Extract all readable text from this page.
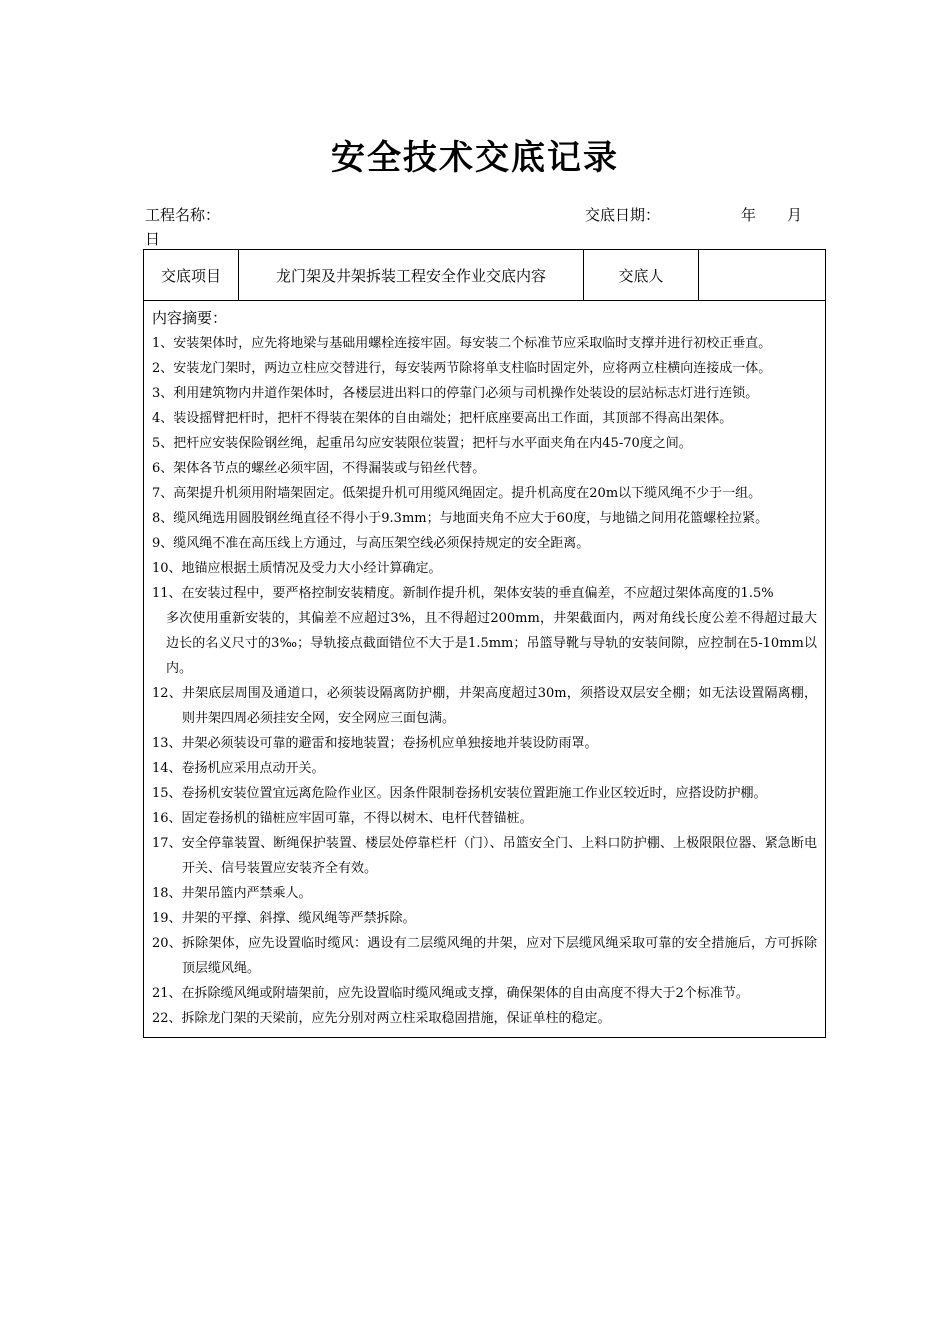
安全技术交底记录
工程名称：	交底日期：	年 月
日
交底项目	龙门架及井架拆装工程安全作业交底内容	交底人	

内容摘要：
1、安装架体时，应先将地梁与基础用螺栓连接牢固。每安装二个标准节应采取临时支撑并进行初校正垂直。
2、安装龙门架时，两边立柱应交替进行，每安装两节除将单支柱临时固定外，应将两立柱横向连接成一体。
3、利用建筑物内井道作架体时，各楼层进出料口的停靠门必须与司机操作处装设的层站标志灯进行连锁。
4、装设摇臂把杆时，把杆不得装在架体的自由端处；把杆底座要高出工作面，其顶部不得高出架体。
5、把杆应安装保险钢丝绳，起重吊勾应安装限位装置；把杆与水平面夹角在内45-70度之间。
6、架体各节点的螺丝必须牢固，不得漏装或与铅丝代替。
7、高架提升机须用附墙架固定。低架提升机可用缆风绳固定。提升机高度在20m以下缆风绳不少于一组。
8、缆风绳选用圆股钢丝绳直径不得小于9.3mm；与地面夹角不应大于60度，与地锚之间用花篮螺栓拉紧。
9、缆风绳不准在高压线上方通过，与高压架空线必须保持规定的安全距离。
10、地锚应根据土质情况及受力大小经计算确定。
11、在安装过程中，要严格控制安装精度。新制作提升机，架体安装的垂直偏差，不应超过架体高度的1.5%
多次使用重新安装的，其偏差不应超过3%，且不得超过200mm，井架截面内，两对角线长度公差不得超过最大边长的名义尺寸的3‰；导轨接点截面错位不大于是1.5mm；吊篮导靴与导轨的安装间隙，应控制在5-10mm以内。
12、井架底层周围及通道口，必须装设隔离防护棚，井架高度超过30m，须搭设双层安全棚；如无法设置隔离棚，则井架四周必须挂安全网，安全网应三面包满。
13、井架必须装设可靠的避雷和接地装置；卷扬机应单独接地并装设防雨罩。
14、卷扬机应采用点动开关。
15、卷扬机安装位置宜远离危险作业区。因条件限制卷扬机安装位置距施工作业区较近时，应搭设防护棚。
16、固定卷扬机的锚桩应牢固可靠，不得以树木、电杆代替锚桩。
17、安全停靠装置、断绳保护装置、楼层处停靠栏杆（门）、吊篮安全门、上料口防护棚、上极限限位器、紧急断电开关、信号装置应安装齐全有效。
18、井架吊篮内严禁乘人。
19、井架的平撑、斜撑、缆风绳等严禁拆除。
20、拆除架体，应先设置临时缆风：遇设有二层缆风绳的井架，应对下层缆风绳采取可靠的安全措施后，方可拆除顶层缆风绳。
21、在拆除缆风绳或附墙架前，应先设置临时缆风绳或支撑，确保架体的自由高度不得大于2个标准节。
22、拆除龙门架的天梁前，应先分别对两立柱采取稳固措施，保证单柱的稳定。
